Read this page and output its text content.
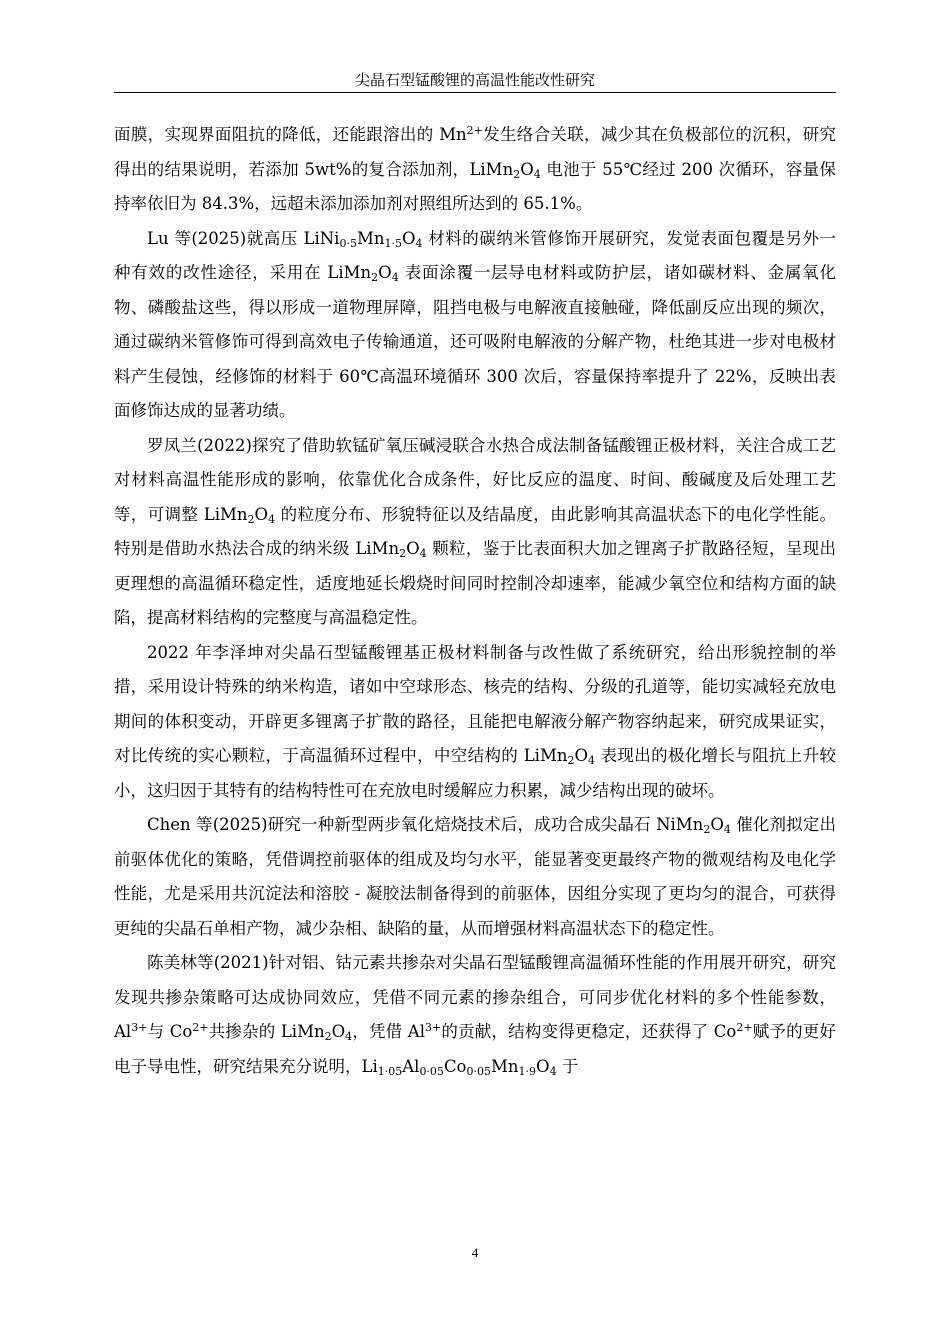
尖晶石型锰酸锂的高温性能改性研究

面膜，实现界面阻抗的降低，还能跟溶出的 $Mn^{2+}$发生络合关联，减少其在负极部位的沉积，研究得出的结果说明，若添加 5wt%的复合添加剂，$LiMn_2O_4$ 电池于 55℃经过 200 次循环，容量保持率依旧为 84.3%，远超未添加添加剂对照组所达到的 65.1%。

Lu 等(2025)就高压 $LiNi_{0\cdot 5}Mn_{1\cdot 5}O_4$ 材料的碳纳米管修饰开展研究，发觉表面包覆是另外一种有效的改性途径，采用在 $LiMn_2O_4$ 表面涂覆一层导电材料或防护层，诸如碳材料、金属氧化物、磷酸盐这些，得以形成一道物理屏障，阻挡电极与电解液直接触碰，降低副反应出现的频次，通过碳纳米管修饰可得到高效电子传输通道，还可吸附电解液的分解产物，杜绝其进一步对电极材料产生侵蚀，经修饰的材料于 60℃高温环境循环 300 次后，容量保持率提升了 22%，反映出表面修饰达成的显著功绩。

罗凤兰(2022)探究了借助软锰矿氧压碱浸联合水热合成法制备锰酸锂正极材料，关注合成工艺对材料高温性能形成的影响，依靠优化合成条件，好比反应的温度、时间、酸碱度及后处理工艺等，可调整 $LiMn_2O_4$ 的粒度分布、形貌特征以及结晶度，由此影响其高温状态下的电化学性能。特别是借助水热法合成的纳米级 $LiMn_2O_4$ 颗粒，鉴于比表面积大加之锂离子扩散路径短，呈现出更理想的高温循环稳定性，适度地延长煅烧时间同时控制冷却速率，能减少氧空位和结构方面的缺陷，提高材料结构的完整度与高温稳定性。

2022 年李泽坤对尖晶石型锰酸锂基正极材料制备与改性做了系统研究，给出形貌控制的举措，采用设计特殊的纳米构造，诸如中空球形态、核壳的结构、分级的孔道等，能切实减轻充放电期间的体积变动，开辟更多锂离子扩散的路径，且能把电解液分解产物容纳起来，研究成果证实，对比传统的实心颗粒，于高温循环过程中，中空结构的 $LiMn_2O_4$ 表现出的极化增长与阻抗上升较小，这归因于其特有的结构特性可在充放电时缓解应力积累，减少结构出现的破坏。

Chen 等(2025)研究一种新型两步氧化焙烧技术后，成功合成尖晶石 $NiMn_2O_4$ 催化剂拟定出前驱体优化的策略，凭借调控前驱体的组成及均匀水平，能显著变更最终产物的微观结构及电化学性能，尤是采用共沉淀法和溶胶 - 凝胶法制备得到的前驱体，因组分实现了更均匀的混合，可获得更纯的尖晶石单相产物，减少杂相、缺陷的量，从而增强材料高温状态下的稳定性。

陈美林等(2021)针对铝、钴元素共掺杂对尖晶石型锰酸锂高温循环性能的作用展开研究，研究发现共掺杂策略可达成协同效应，凭借不同元素的掺杂组合，可同步优化材料的多个性能参数，$Al^{3+}$与 $Co^{2+}$共掺杂的 $LiMn_2O_4$，凭借 $Al^{3+}$的贡献，结构变得更稳定，还获得了 $Co^{2+}$赋予的更好电子导电性，研究结果充分说明，$Li_{1\cdot 05}Al_{0\cdot 05}Co_{0\cdot 05}Mn_{1\cdot 9}O_4$ 于

4
